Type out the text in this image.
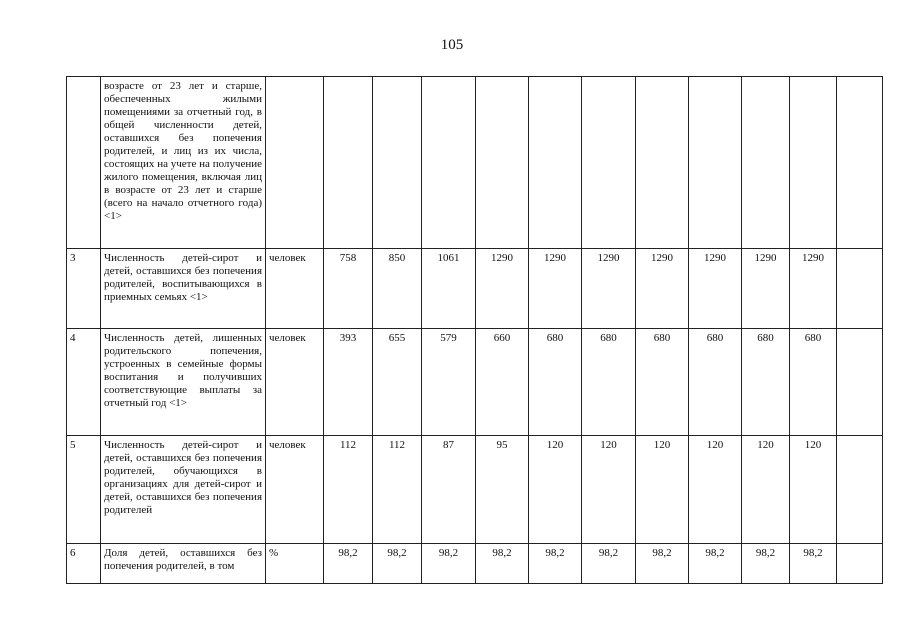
105
	возрасте от 23 лет и старше, обеспеченных жилыми помещениями за отчетный год, в общей численности детей, оставшихся без попечения родителей, и лиц из их числа, состоящих на учете на получение жилого помещения, включая лиц в возрасте от 23 лет и старше (всего на начало отчетного года) <1>												
3	Численность детей-сирот и детей, оставшихся без попечения родителей, воспитывающихся в приемных семьях <1>	человек	758	850	1061	1290	1290	1290	1290	1290	1290	1290	
4	Численность детей, лишенных родительского попечения, устроенных в семейные формы воспитания и получивших соответствующие выплаты за отчетный год <1>	человек	393	655	579	660	680	680	680	680	680	680	
5	Численность детей-сирот и детей, оставшихся без попечения родителей, обучающихся в организациях для детей-сирот и детей, оставшихся без попечения родителей	человек	112	112	87	95	120	120	120	120	120	120	
6	Доля детей, оставшихся без попечения родителей, в том	%	98,2	98,2	98,2	98,2	98,2	98,2	98,2	98,2	98,2	98,2	
